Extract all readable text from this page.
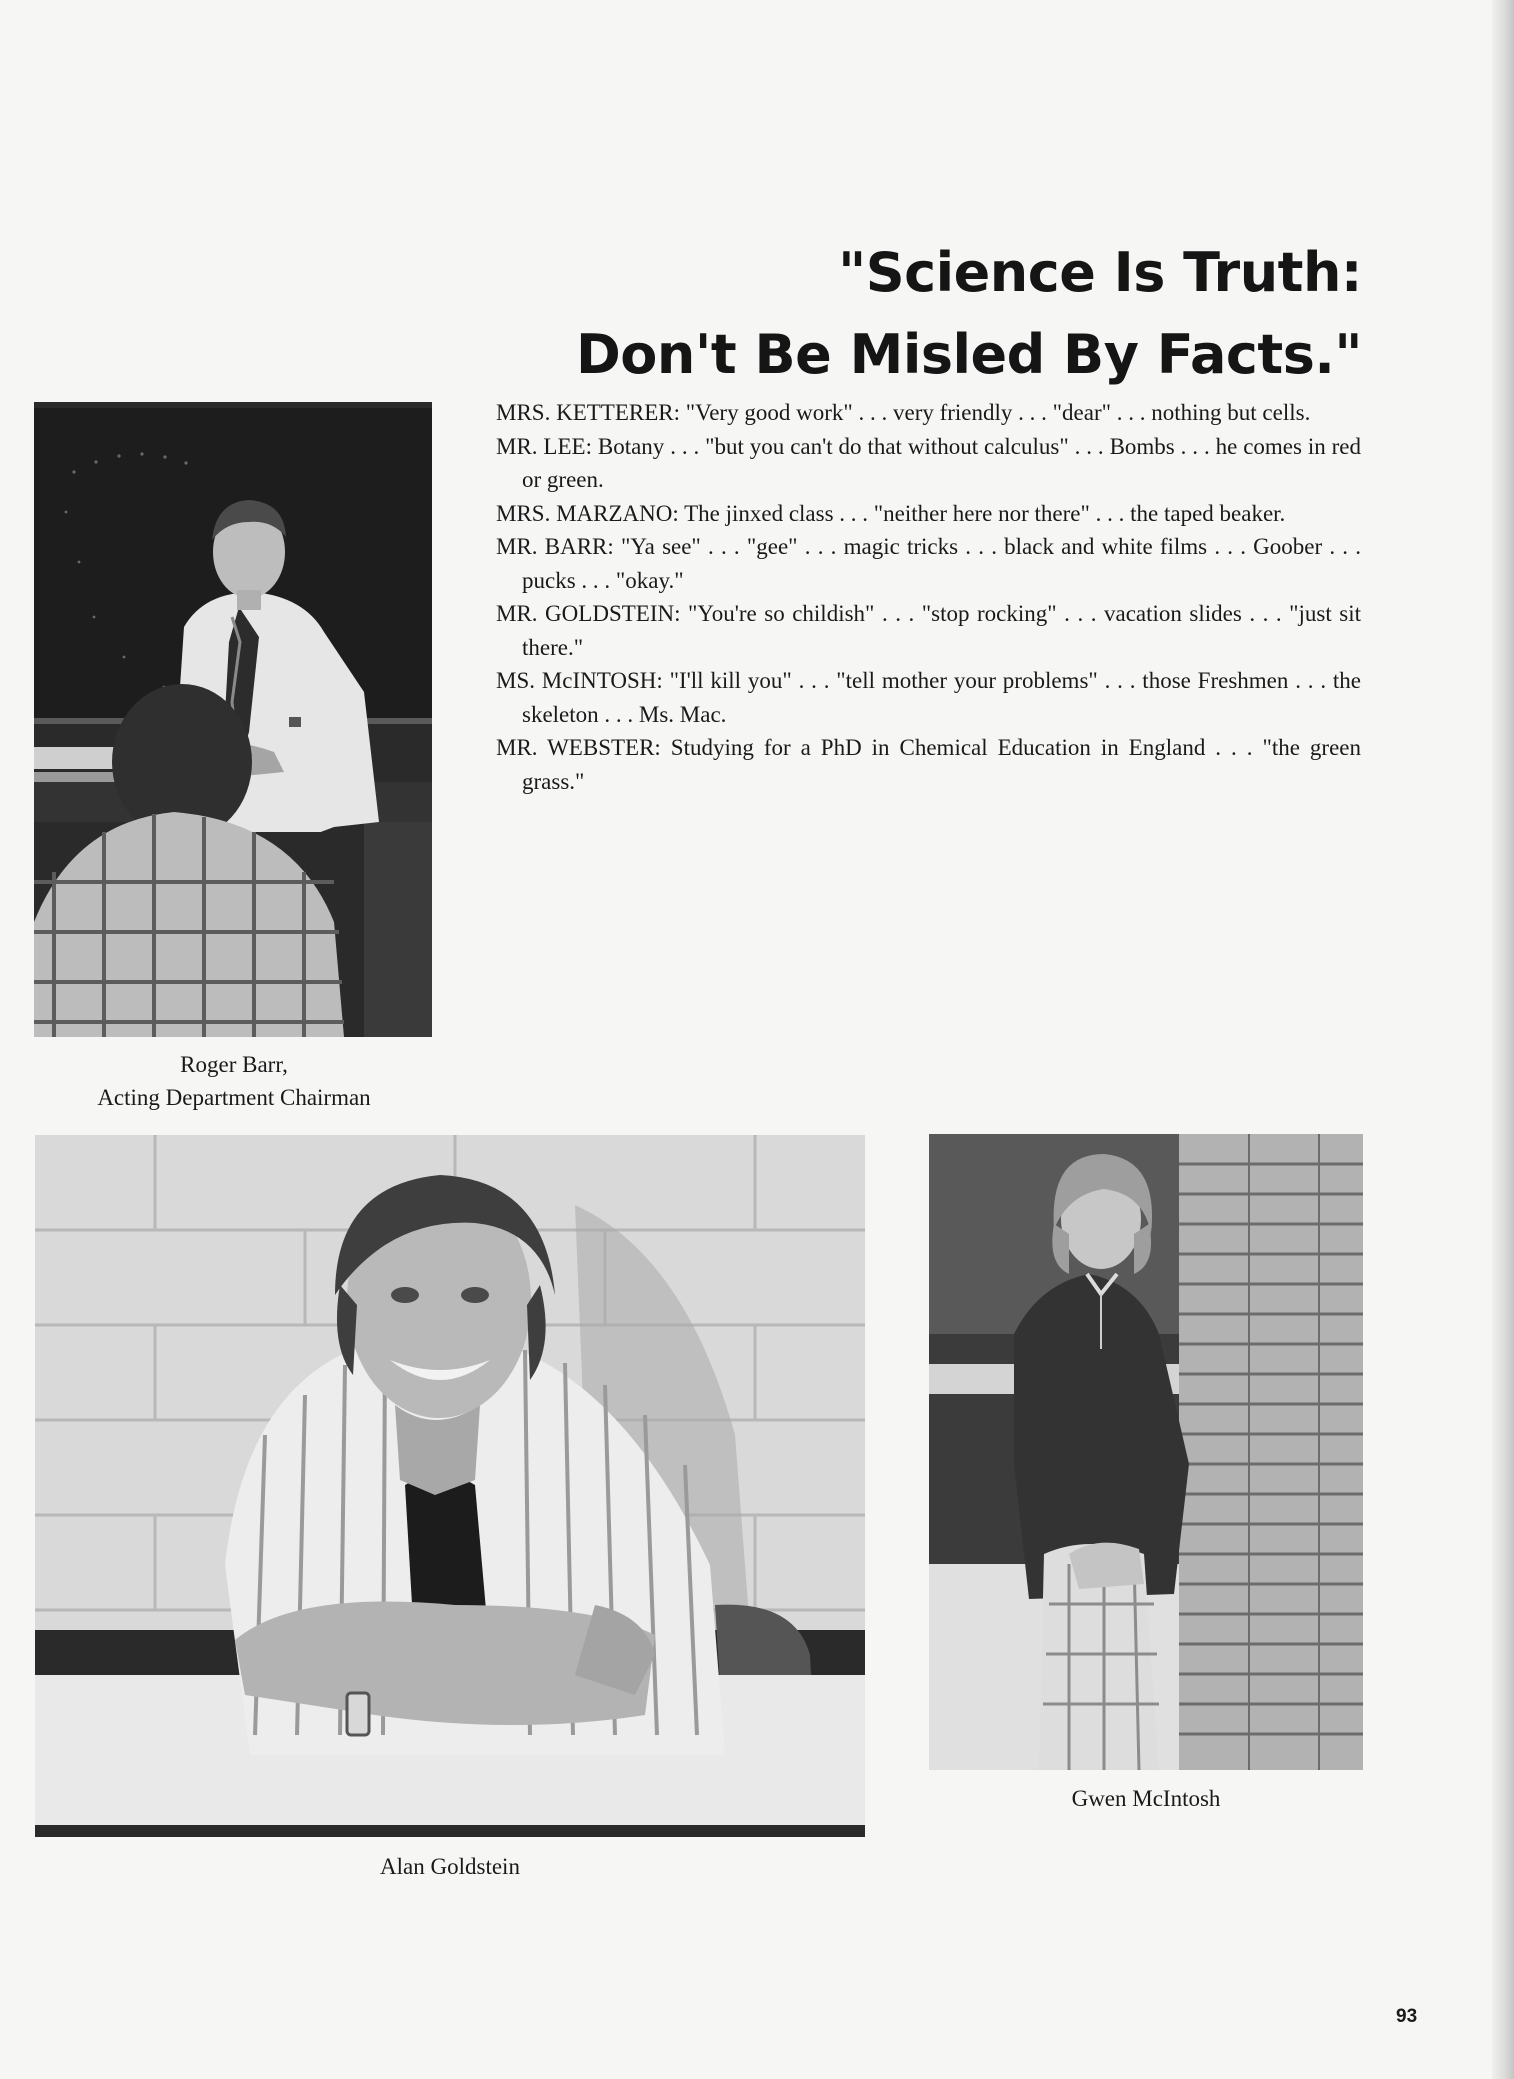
"Science Is Truth:
Don't Be Misled By Facts."
MRS. KETTERER: "Very good work" . . . very friendly . . . "dear" . . . nothing but cells.
MR. LEE: Botany . . . "but you can't do that without calculus" . . . Bombs . . . he comes in red or green.
MRS. MARZANO: The jinxed class . . . "neither here nor there" . . . the taped beaker.
MR. BARR: "Ya see" . . . "gee" . . . magic tricks . . . black and white films . . . Goober . . . pucks . . . "okay."
MR. GOLDSTEIN: "You're so childish" . . . "stop rocking" . . . vacation slides . . . "just sit there."
MS. McINTOSH: "I'll kill you" . . . "tell mother your problems" . . . those Freshmen . . . the skeleton . . . Ms. Mac.
MR. WEBSTER: Studying for a PhD in Chemical Education in England . . . "the green grass."

Roger Barr,
Acting Department Chairman

Alan Goldstein

Gwen McIntosh

93
